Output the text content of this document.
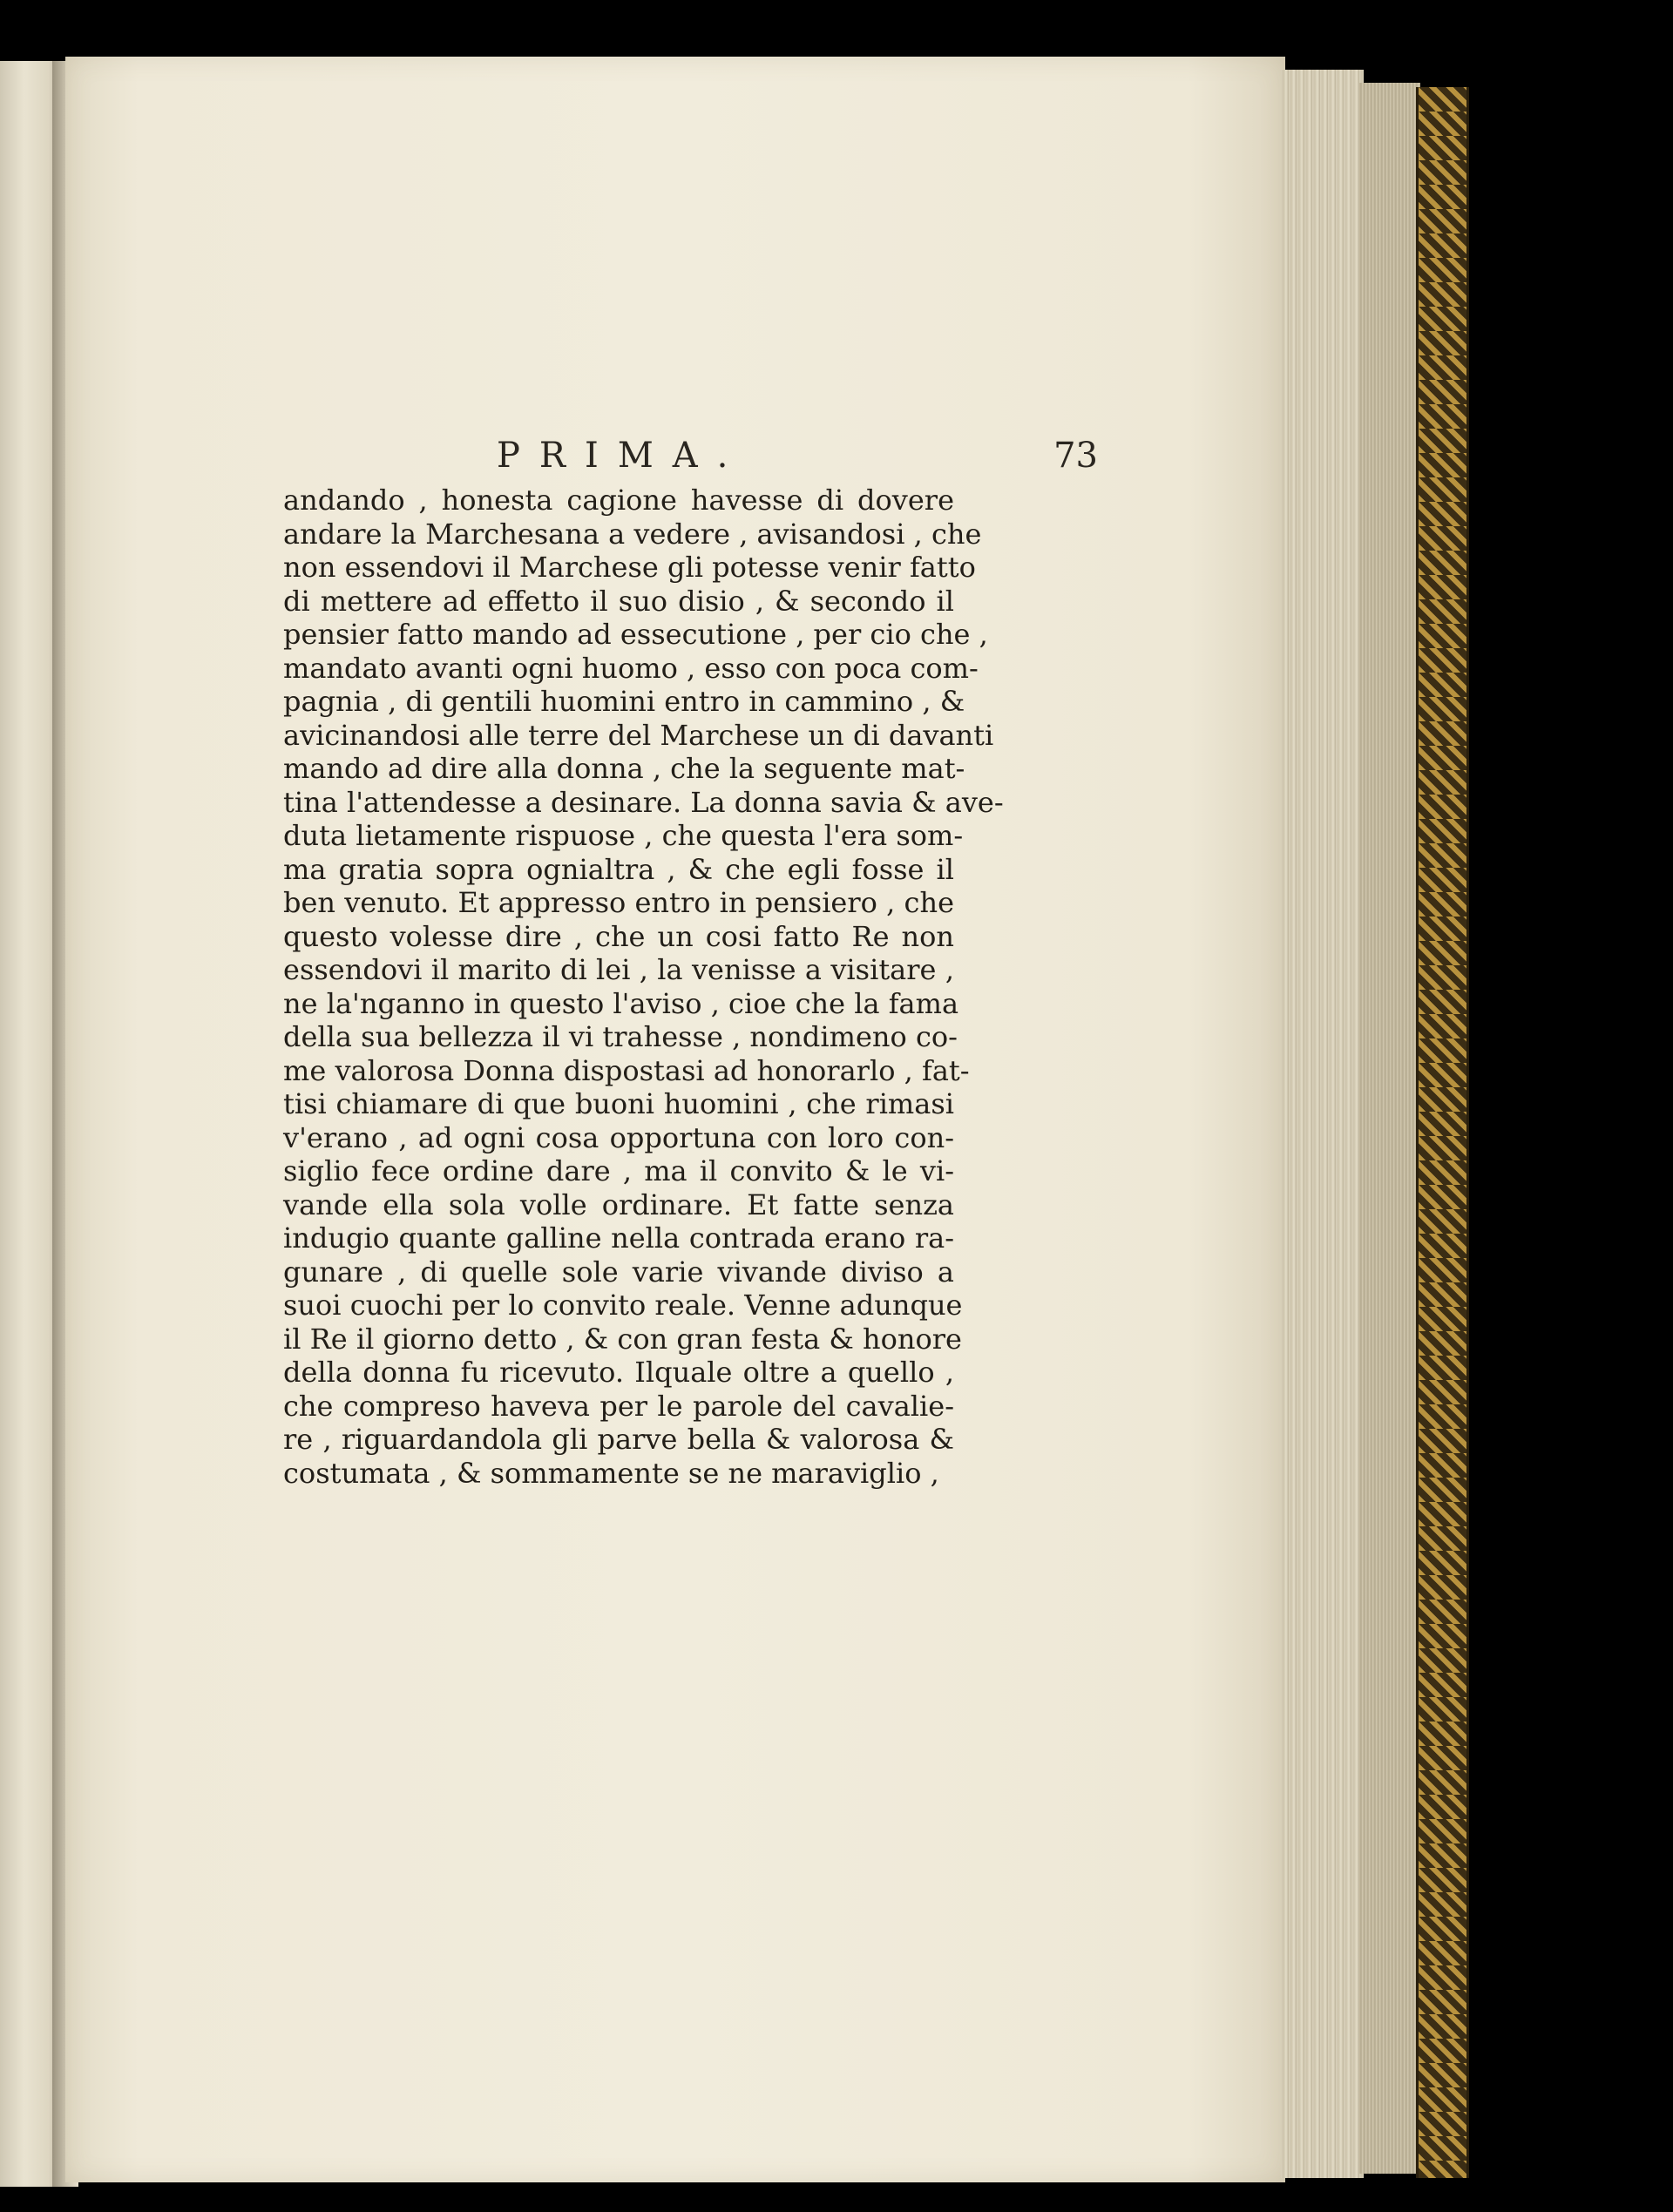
PRIMA.	73
andando , honesta cagione havesse di dovere
andare la Marchesana a vedere , avisandosi , che
non essendovi il Marchese gli potesse venir fatto
di mettere ad effetto il suo disio , & secondo il
pensier fatto mando ad essecutione , per cio che ,
mandato avanti ogni huomo , esso con poca com-
pagnia , di gentili huomini entro in cammino , &
avicinandosi alle terre del Marchese un di davanti
mando ad dire alla donna , che la seguente mat-
tina l'attendesse a desinare. La donna savia & ave-
duta lietamente rispuose , che questa l'era som-
ma gratia sopra ognialtra , & che egli fosse il
ben venuto. Et appresso entro in pensiero , che
questo volesse dire , che un cosi fatto Re non
essendovi il marito di lei , la venisse a visitare ,
ne la'nganno in questo l'aviso , cioe che la fama
della sua bellezza il vi trahesse , nondimeno co-
me valorosa Donna dispostasi ad honorarlo , fat-
tisi chiamare di que buoni huomini , che rimasi
v'erano , ad ogni cosa opportuna con loro con-
siglio fece ordine dare , ma il convito & le vi-
vande ella sola volle ordinare. Et fatte senza
indugio quante galline nella contrada erano ra-
gunare , di quelle sole varie vivande diviso a
suoi cuochi per lo convito reale. Venne adunque
il Re il giorno detto , & con gran festa & honore
della donna fu ricevuto. Ilquale oltre a quello ,
che compreso haveva per le parole del cavalie-
re , riguardandola gli parve bella & valorosa &
costumata , & sommamente se ne maraviglio ,
